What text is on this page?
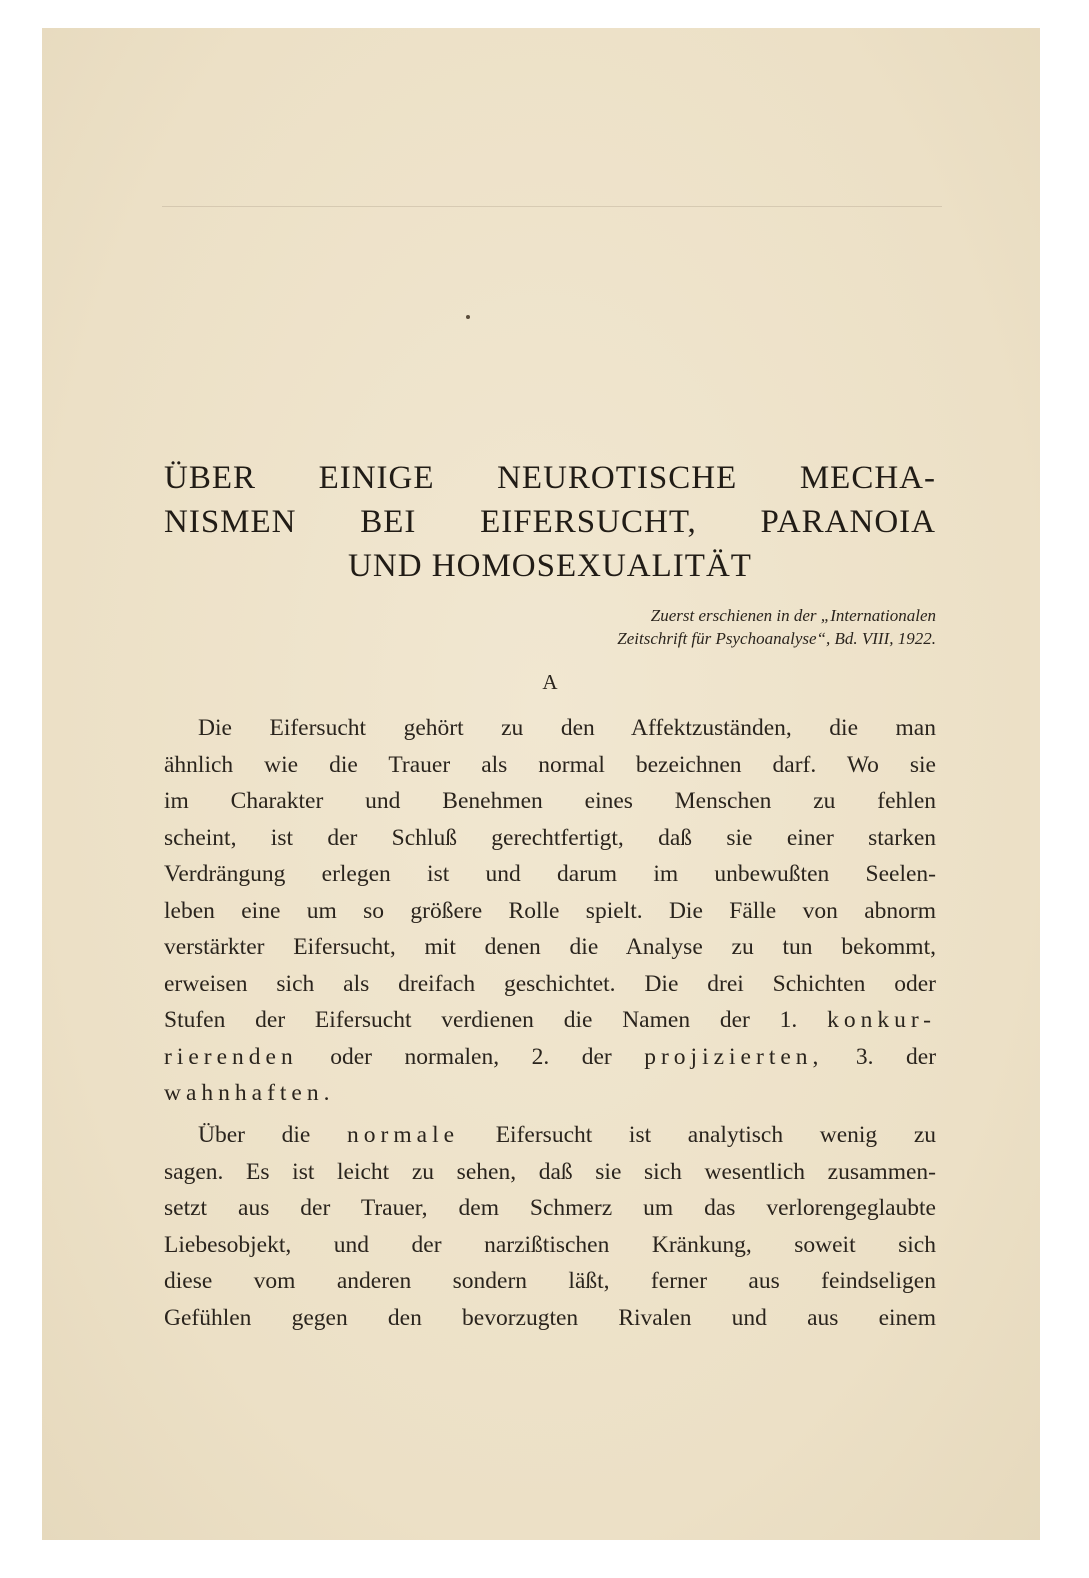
ÜBER EINIGE NEUROTISCHE MECHA-
NISMEN BEI EIFERSUCHT, PARANOIA
UND HOMOSEXUALITÄT
Zuerst erschienen in der „Internationalen
Zeitschrift für Psychoanalyse“, Bd. VIII, 1922.
A

Die Eifersucht gehört zu den Affektzuständen, die man
ähnlich wie die Trauer als normal bezeichnen darf. Wo sie
im Charakter und Benehmen eines Menschen zu fehlen
scheint, ist der Schluß gerechtfertigt, daß sie einer starken
Verdrängung erlegen ist und darum im unbewußten Seelen-
leben eine um so größere Rolle spielt. Die Fälle von abnorm
verstärkter Eifersucht, mit denen die Analyse zu tun bekommt,
erweisen sich als dreifach geschichtet. Die drei Schichten oder
Stufen der Eifersucht verdienen die Namen der 1. konkur-
rierenden oder normalen, 2. der projizierten, 3. der
wahnhaften.

Über die normale Eifersucht ist analytisch wenig zu
sagen. Es ist leicht zu sehen, daß sie sich wesentlich zusammen-
setzt aus der Trauer, dem Schmerz um das verlorengeglaubte
Liebesobjekt, und der narzißtischen Kränkung, soweit sich
diese vom anderen sondern läßt, ferner aus feindseligen
Gefühlen gegen den bevorzugten Rivalen und aus einem
